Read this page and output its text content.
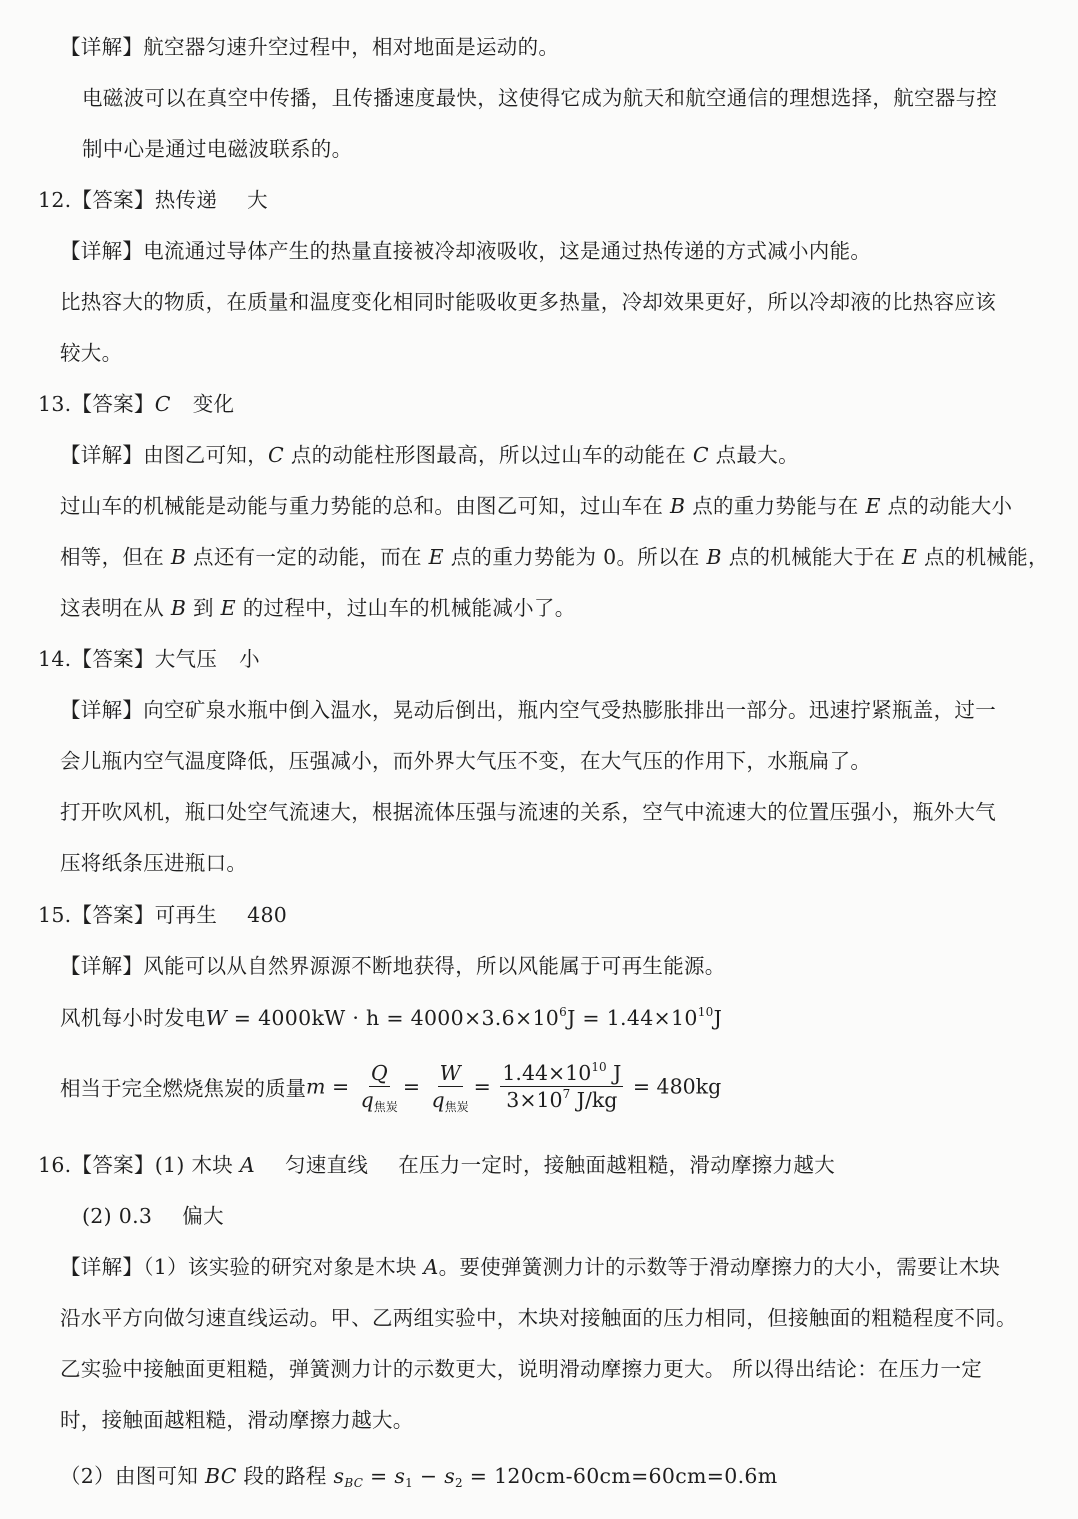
【详解】航空器匀速升空过程中，相对地面是运动的。
电磁波可以在真空中传播，且传播速度最快，这使得它成为航天和航空通信的理想选择，航空器与控
制中心是通过电磁波联系的。
12.【答案】热传递 大
【详解】电流通过导体产生的热量直接被冷却液吸收，这是通过热传递的方式减小内能。
比热容大的物质，在质量和温度变化相同时能吸收更多热量，冷却效果更好，所以冷却液的比热容应该
较大。
13.【答案】C 变化
【详解】由图乙可知，C 点的动能柱形图最高，所以过山车的动能在 C 点最大。
过山车的机械能是动能与重力势能的总和。由图乙可知，过山车在 B 点的重力势能与在 E 点的动能大小
相等，但在 B 点还有一定的动能，而在 E 点的重力势能为 0。所以在 B 点的机械能大于在 E 点的机械能，
这表明在从 B 到 E 的过程中，过山车的机械能减小了。
14.【答案】大气压 小
【详解】向空矿泉水瓶中倒入温水，晃动后倒出，瓶内空气受热膨胀排出一部分。迅速拧紧瓶盖，过一
会儿瓶内空气温度降低，压强减小，而外界大气压不变，在大气压的作用下，水瓶扁了。
打开吹风机，瓶口处空气流速大，根据流体压强与流速的关系，空气中流速大的位置压强小，瓶外大气
压将纸条压进瓶口。
15.【答案】可再生 480
【详解】风能可以从自然界源源不断地获得，所以风能属于可再生能源。
风机每小时发电$W = 4000kW \cdot h = 4000\times 3.6\times 10^6J = 1.44\times 10^{10}J$
相当于完全燃烧焦炭的质量$m = \frac{Q}{q_{焦炭}} = \frac{W}{q_{焦炭}} = \frac{1.44\times 10^{10} J}{3\times 10^7 J/kg} = 480kg$
16.【答案】(1) 木块 A 匀速直线 在压力一定时，接触面越粗糙，滑动摩擦力越大
(2) 0.3 偏大
【详解】（1）该实验的研究对象是木块 A。要使弹簧测力计的示数等于滑动摩擦力的大小，需要让木块
沿水平方向做匀速直线运动。甲、乙两组实验中，木块对接触面的压力相同，但接触面的粗糙程度不同。
乙实验中接触面更粗糙，弹簧测力计的示数更大，说明滑动摩擦力更大。 所以得出结论：在压力一定
时，接触面越粗糙，滑动摩擦力越大。
（2）由图可知 BC 段的路程 $s_{BC} = s_1 - s_2 = 120cm-60cm=60cm=0.6m$
